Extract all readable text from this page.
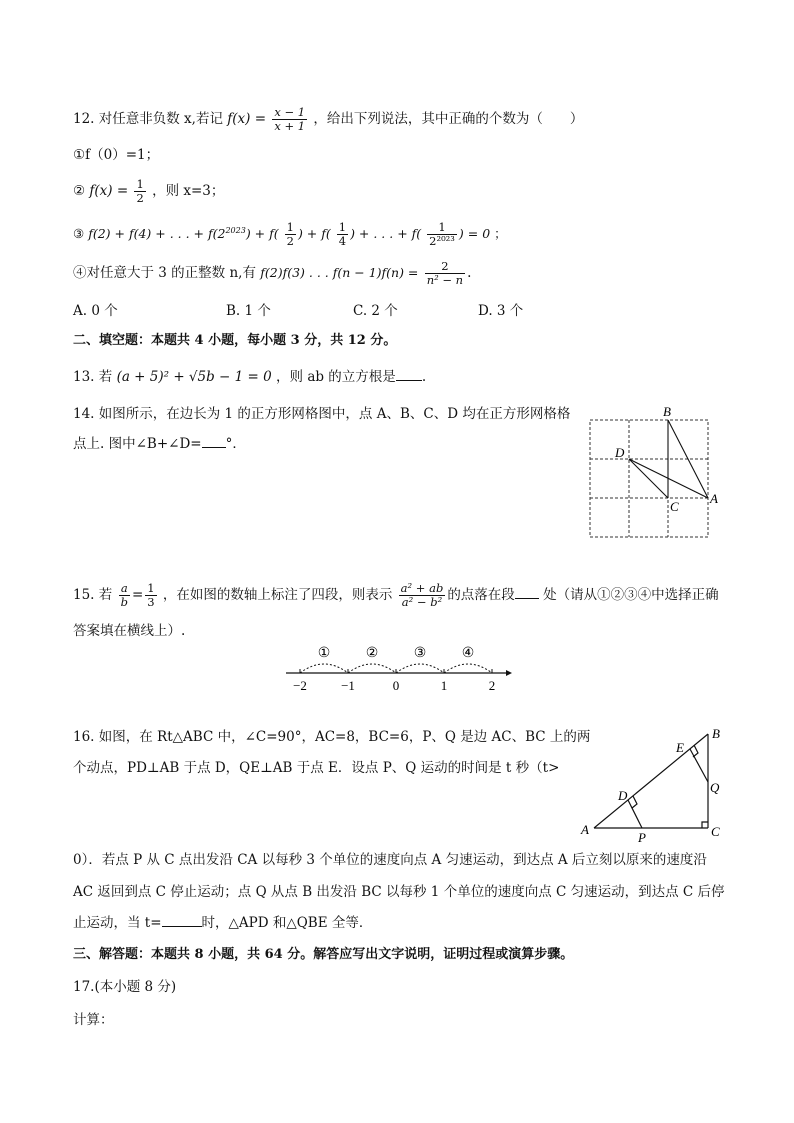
12. 对任意非负数 x,若记 $f(x) = \frac{x - 1}{x + 1}$ ，给出下列说法，其中正确的个数为（　　）
①f（0）=1；
② $f(x) = \frac{1}{2}$ ，则 x=3；
③ f(2) + f(4) + . . . + $f(2^{2023}) + f( \frac{1}{2}$ ) + $f( \frac{1}{4}$ ) + . . . + $f( \frac{1}{\text{2²⁰²³}}$ ) = 0 ；
④对任意大于 3 的正整数 n,有 f(2)f(3) . . . $f(n - 1)f(n) = \frac{2}{\text{n² − n}}$ .
A. 0 个	B. 1 个	C. 2 个	D. 3 个
二、填空题：本题共 4 小题，每小题 3 分，共 12 分。
13. 若 (a + 5)² + √5b − 1 = 0 ，则 ab 的立方根是 .
14. 如图所示，在边长为 1 的正方形网格图中，点 A、B、C、D 均在正方形网格格
点上. 图中∠B+∠D= °．
B
D
C
A
15. 若 $\frac{a}{b} = \frac{1}{3}$ ，在如图的数轴上标注了四段，则表示 $\frac{\text{a² + ab}}{\text{a² − b²}}$ 的点落在段 处（请从①②③④中选择正确
答案填在横线上）.
−2	−1	0	1	2
①	②	③	④
16. 如图，在 Rt△ABC 中，∠C=90°，AC=8，BC=6，P、Q 是边 AC、BC 上的两
个动点，PD⊥AB 于点 D，QE⊥AB 于点 E．设点 P、Q 运动的时间是 t 秒（t>
0）．若点 P 从 C 点出发沿 CA 以每秒 3 个单位的速度向点 A 匀速运动，到达点 A 后立刻以原来的速度沿
AC 返回到点 C 停止运动；点 Q 从点 B 出发沿 BC 以每秒 1 个单位的速度向点 C 匀速运动，到达点 C 后停
止运动，当 t=	时，△APD 和△QBE 全等．
A
B
C
D
E
P
Q
三、解答题：本题共 8 小题，共 64 分。解答应写出文字说明，证明过程或演算步骤。
17.(本小题 8 分)
计算：
